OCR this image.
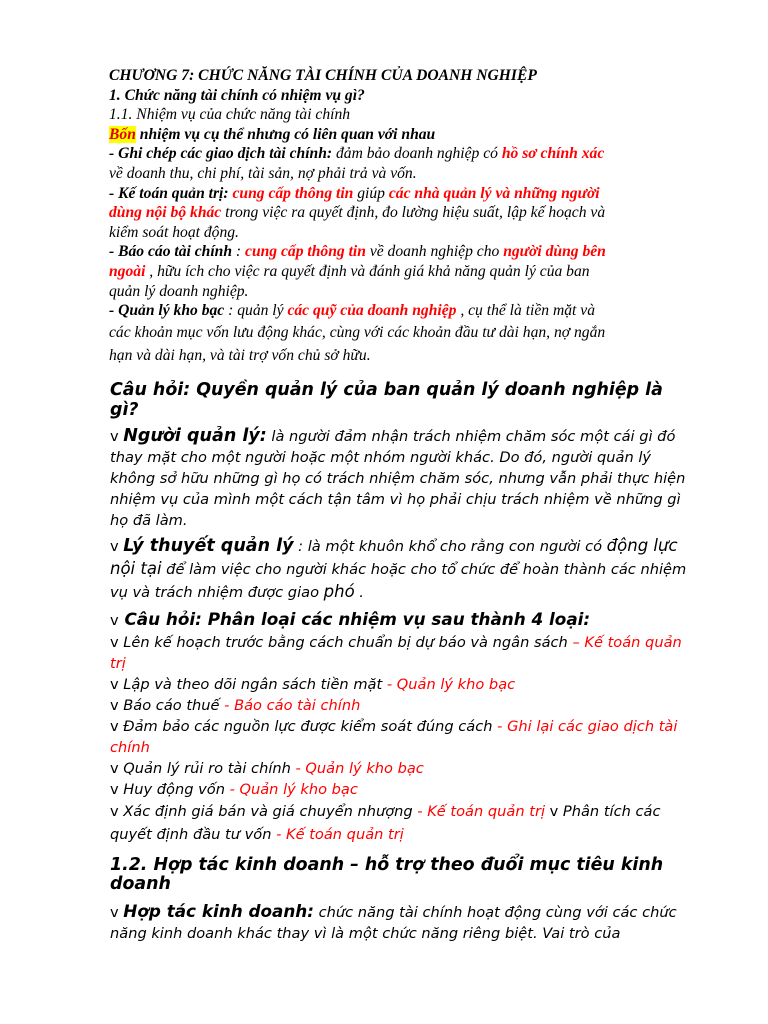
CHƯƠNG 7: CHỨC NĂNG TÀI CHÍNH CỦA DOANH NGHIỆP
1. Chức năng tài chính có nhiệm vụ gì?
1.1. Nhiệm vụ của chức năng tài chính
Bốn nhiệm vụ cụ thể nhưng có liên quan với nhau
- Ghi chép các giao dịch tài chính: đảm bảo doanh nghiệp có hồ sơ chính xác
về doanh thu, chi phí, tài sản, nợ phải trả và vốn.
- Kế toán quản trị: cung cấp thông tin giúp các nhà quản lý và những người
dùng nội bộ khác trong việc ra quyết định, đo lường hiệu suất, lập kế hoạch và
kiểm soát hoạt động.
- Báo cáo tài chính : cung cấp thông tin về doanh nghiệp cho người dùng bên
ngoài , hữu ích cho việc ra quyết định và đánh giá khả năng quản lý của ban
quản lý doanh nghiệp.
- Quản lý kho bạc : quản lý các quỹ của doanh nghiệp , cụ thể là tiền mặt và
các khoản mục vốn lưu động khác, cùng với các khoản đầu tư dài hạn, nợ ngắn
hạn và dài hạn, và tài trợ vốn chủ sở hữu.
Câu hỏi: Quyền quản lý của ban quản lý doanh nghiệp là gì?
v Người quản lý: là người đảm nhận trách nhiệm chăm sóc một cái gì đó thay mặt cho một người hoặc một nhóm người khác. Do đó, người quản lý không sở hữu những gì họ có trách nhiệm chăm sóc, nhưng vẫn phải thực hiện nhiệm vụ của mình một cách tận tâm vì họ phải chịu trách nhiệm về những gì họ đã làm.
v Lý thuyết quản lý : là một khuôn khổ cho rằng con người có động lực nội tại để làm việc cho người khác hoặc cho tổ chức để hoàn thành các nhiệm vụ và trách nhiệm được giao phó .
v Câu hỏi: Phân loại các nhiệm vụ sau thành 4 loại:
v Lên kế hoạch trước bằng cách chuẩn bị dự báo và ngân sách – Kế toán quản trị
v Lập và theo dõi ngân sách tiền mặt - Quản lý kho bạc
v Báo cáo thuế - Báo cáo tài chính
v Đảm bảo các nguồn lực được kiểm soát đúng cách - Ghi lại các giao dịch tài chính
v Quản lý rủi ro tài chính - Quản lý kho bạc
v Huy động vốn - Quản lý kho bạc
v Xác định giá bán và giá chuyển nhượng - Kế toán quản trị v Phân tích các quyết định đầu tư vốn - Kế toán quản trị
1.2. Hợp tác kinh doanh – hỗ trợ theo đuổi mục tiêu kinh doanh
v Hợp tác kinh doanh: chức năng tài chính hoạt động cùng với các chức năng kinh doanh khác thay vì là một chức năng riêng biệt. Vai trò của
